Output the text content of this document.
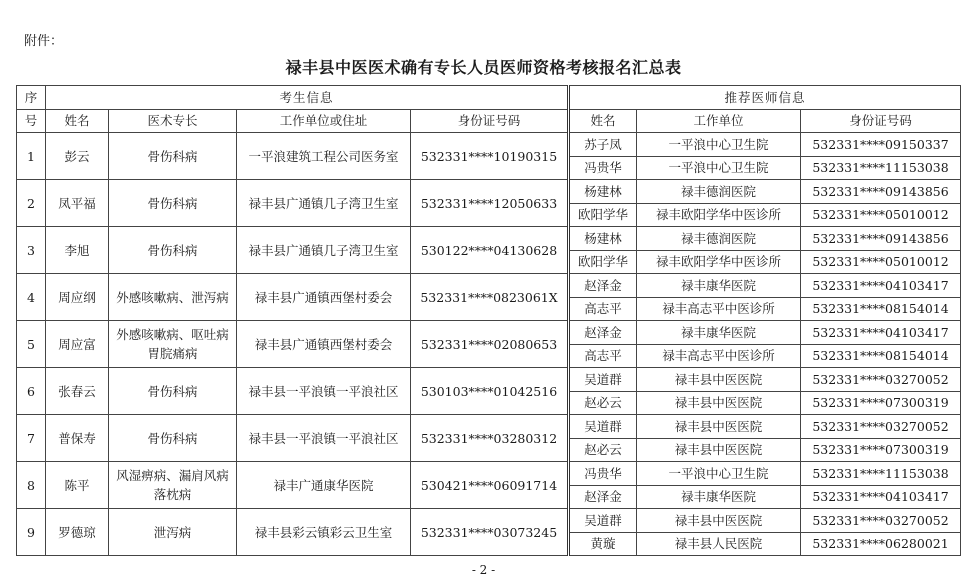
附件：
禄丰县中医医术确有专长人员医师资格考核报名汇总表
序	考生信息				推荐医师信息		
号	姓名	医术专长	工作单位或住址	身份证号码	姓名	工作单位	身份证号码
1	彭云	骨伤科病	一平浪建筑工程公司医务室	532331****10190315	苏子凤	一平浪中心卫生院	532331****09150337
					冯贵华	一平浪中心卫生院	532331****11153038
2	凤平福	骨伤科病	禄丰县广通镇几子湾卫生室	532331****12050633	杨建林	禄丰德润医院	532331****09143856
					欧阳学华	禄丰欧阳学华中医诊所	532331****05010012
3	李旭	骨伤科病	禄丰县广通镇几子湾卫生室	530122****04130628	杨建林	禄丰德润医院	532331****09143856
					欧阳学华	禄丰欧阳学华中医诊所	532331****05010012
4	周应纲	外感咳嗽病、泄泻病	禄丰县广通镇西堡村委会	532331****0823061X	赵泽金	禄丰康华医院	532331****04103417
					高志平	禄丰高志平中医诊所	532331****08154014
5	周应富	外感咳嗽病、呕吐病
胃脘痛病	禄丰县广通镇西堡村委会	532331****02080653	赵泽金	禄丰康华医院	532331****04103417
					高志平	禄丰高志平中医诊所	532331****08154014
6	张春云	骨伤科病	禄丰县一平浪镇一平浪社区	530103****01042516	吴道群	禄丰县中医医院	532331****03270052
					赵必云	禄丰县中医医院	532331****07300319
7	普保寿	骨伤科病	禄丰县一平浪镇一平浪社区	532331****03280312	吴道群	禄丰县中医医院	532331****03270052
					赵必云	禄丰县中医医院	532331****07300319
8	陈平	风湿痹病、漏肩风病
落枕病	禄丰广通康华医院	530421****06091714	冯贵华	一平浪中心卫生院	532331****11153038
					赵泽金	禄丰康华医院	532331****04103417
9	罗德琼	泄泻病	禄丰县彩云镇彩云卫生室	532331****03073245	吴道群	禄丰县中医医院	532331****03270052
					黄璇	禄丰县人民医院	532331****06280021
- 2 -
